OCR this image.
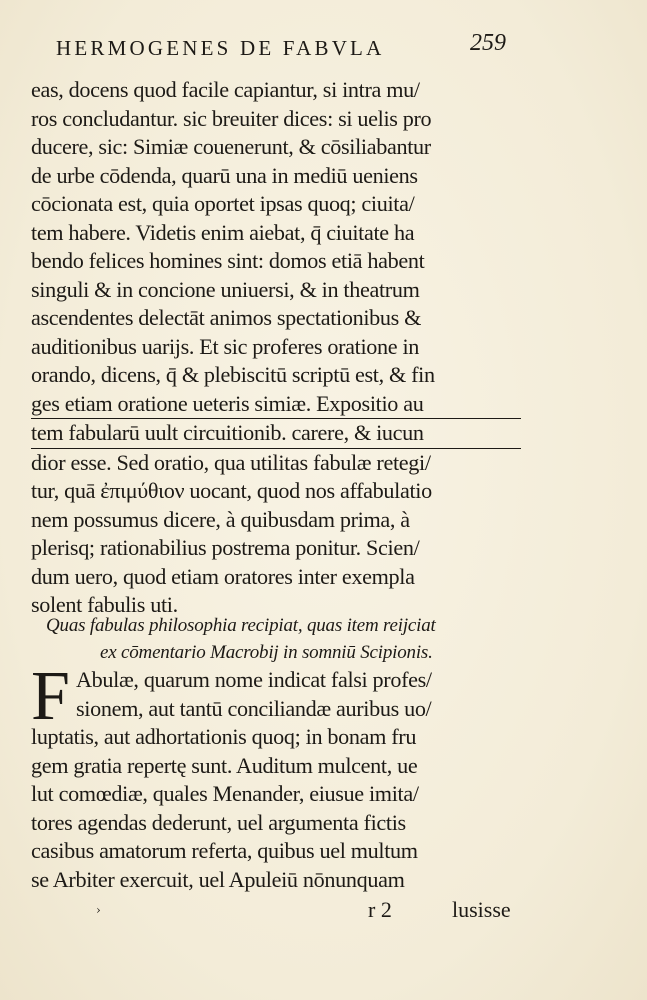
HERMOGENES DE FABVLA	259
eas, docens quod facile capiantur, si intra mu/
ros concludantur. sic breuiter dices: si uelis pro
ducere, sic: Simiæ couenerunt, & cōsiliabantur
de urbe cōdenda, quarū una in mediū ueniens
cōcionata est, quia oportet ipsas quoq; ciuita/
tem habere. Videtis enim aiebat, q̄ ciuitate ha
bendo felices homines sint: domos etiā habent
singuli & in concione uniuersi, & in theatrum
ascendentes delectāt animos spectationibus &
auditionibus uarijs. Et sic proferes oratione in
orando, dicens, q̄ & plebiscitū scriptū est, & fin
ges etiam oratione ueteris simiæ. Expositio au
tem fabularū uult circuitionib. carere, & iucun
dior esse. Sed oratio, qua utilitas fabulæ retegi/
tur, quā ἐπιμύθιον uocant, quod nos affabulatio
nem possumus dicere, à quibusdam prima, à
plerisq; rationabilius postrema ponitur. Scien/
dum uero, quod etiam oratores inter exempla
solent fabulis uti.
Quas fabulas philosophia recipiat, quas item reijciat
ex cōmentario Macrobij in somniū Scipionis.
F Abulæ, quarum nome indicat falsi profes/
sionem, aut tantū conciliandæ auribus uo/
luptatis, aut adhortationis quoq; in bonam fru
gem gratia repertę sunt. Auditum mulcent, ue
lut comœdiæ, quales Menander, eiusue imita/
tores agendas dederunt, uel argumenta fictis
casibus amatorum referta, quibus uel multum
se Arbiter exercuit, uel Apuleiū nōnunquam
›	r 2	lusisse
